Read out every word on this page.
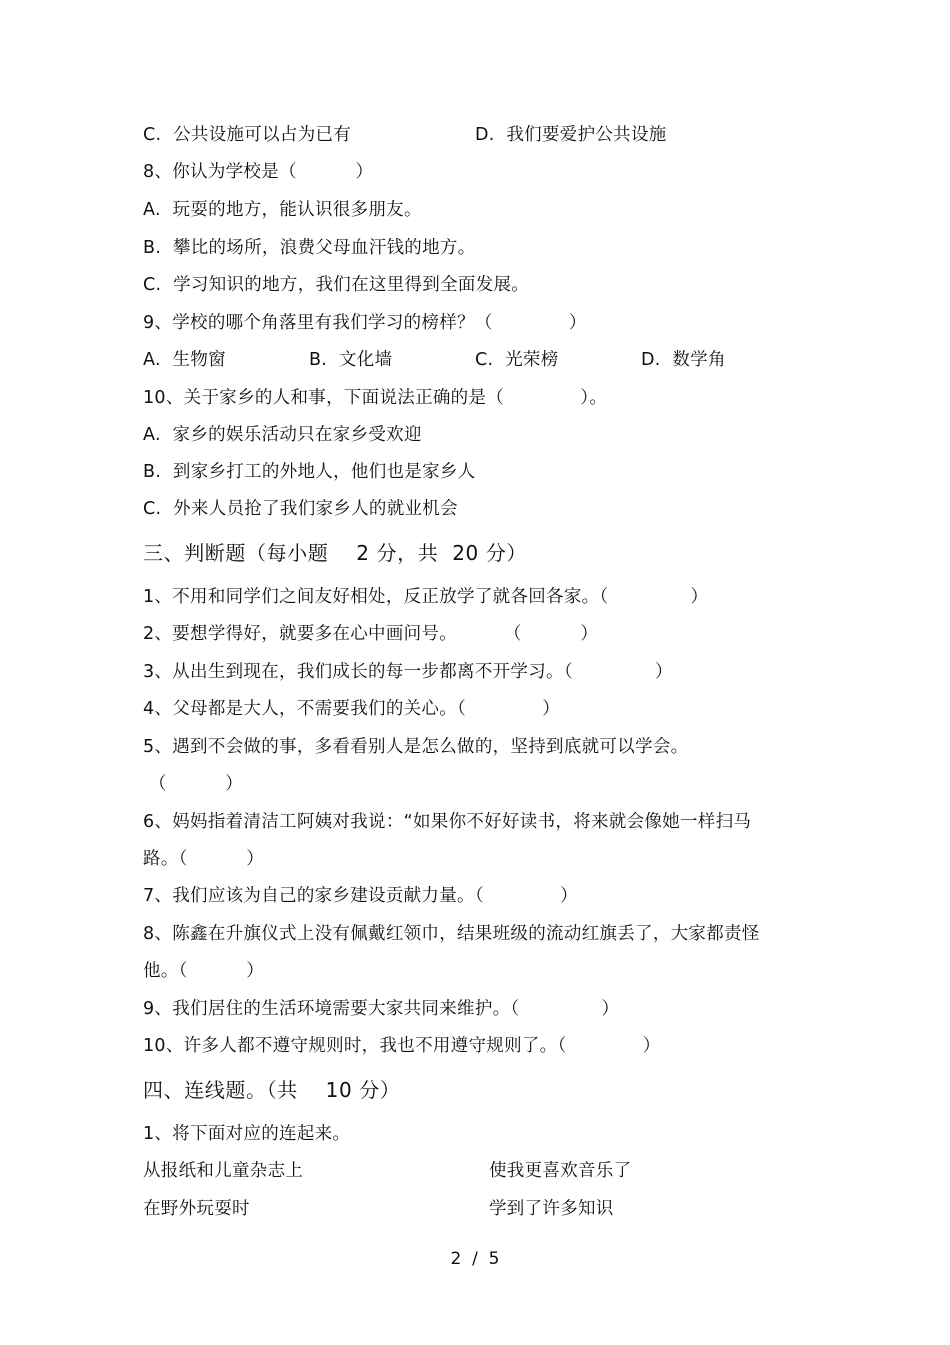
C.  公共设施可以占为已有	D.  我们要爱护公共设施
8、你认为学校是（          ）
A.  玩耍的地方，能认识很多朋友。
B.  攀比的场所，浪费父母血汗钱的地方。
C.  学习知识的地方，我们在这里得到全面发展。
9、学校的哪个角落里有我们学习的榜样？（             ）
A.  生物窗	B.  文化墙	C.  光荣榜	D.  数学角
10、关于家乡的人和事，下面说法正确的是（             ）。
A.  家乡的娱乐活动只在家乡受欢迎
B.  到家乡打工的外地人，他们也是家乡人
C.  外来人员抢了我们家乡人的就业机会
三、判断题（每小题    2 分，共  20 分）
1、不用和同学们之间友好相处，反正放学了就各回各家。（              ）
2、要想学得好，就要多在心中画问号。        （          ）
3、从出生到现在，我们成长的每一步都离不开学习。（              ）
4、父母都是大人，不需要我们的关心。（             ）
5、遇到不会做的事，多看看别人是怎么做的，坚持到底就可以学会。
（          ）
6、妈妈指着清洁工阿姨对我说：“如果你不好好读书，将来就会像她一样扫马
路。（          ）
7、我们应该为自己的家乡建设贡献力量。（             ）
8、陈鑫在升旗仪式上没有佩戴红领巾，结果班级的流动红旗丢了，大家都责怪
他。（          ）
9、我们居住的生活环境需要大家共同来维护。（              ）
10、许多人都不遵守规则时，我也不用遵守规则了。（             ）
四、连线题。（共    10 分）
1、将下面对应的连起来。
从报纸和儿童杂志上	使我更喜欢音乐了
在野外玩耍时	学到了许多知识
2  /  5
